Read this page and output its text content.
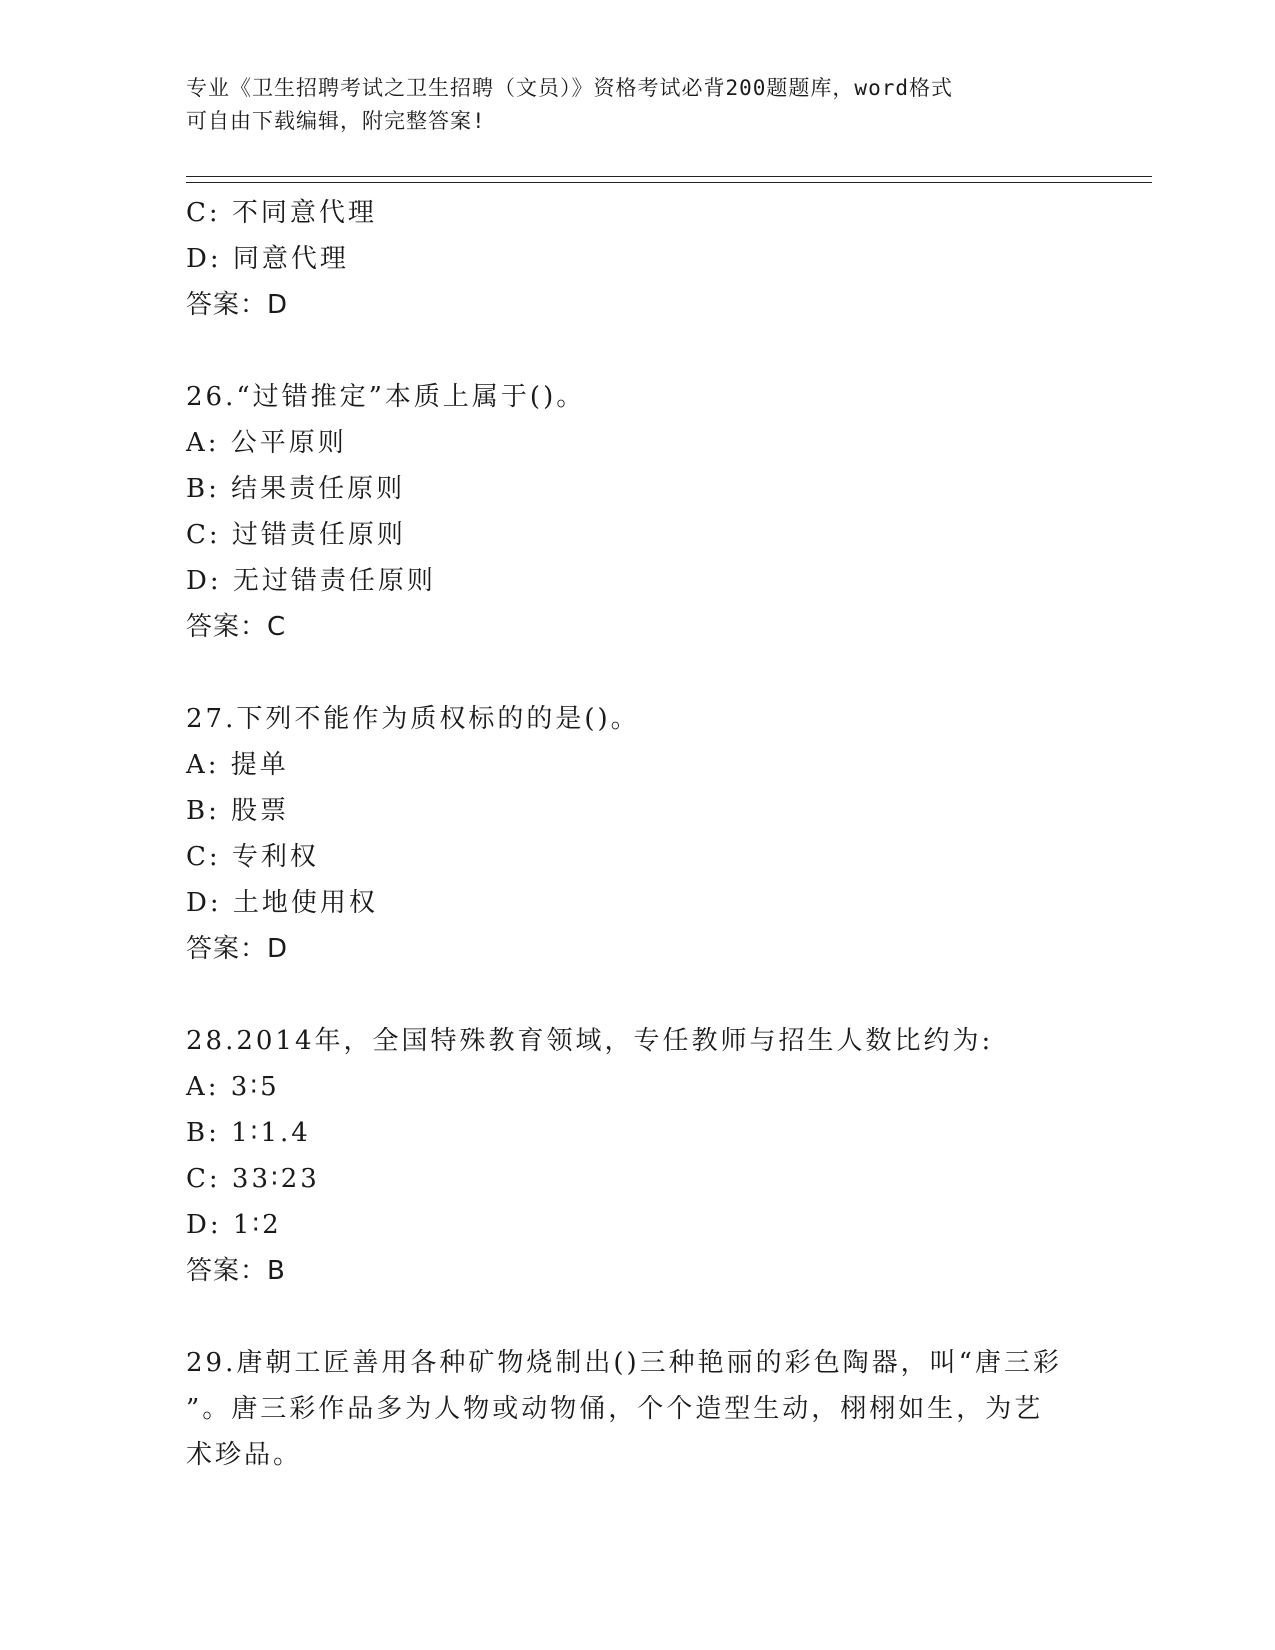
专业《卫生招聘考试之卫生招聘（文员）》资格考试必背200题题库，word格式
可自由下载编辑，附完整答案!
C: 不同意代理
D: 同意代理
答案：D
26.“过错推定”本质上属于()。
A: 公平原则
B: 结果责任原则
C: 过错责任原则
D: 无过错责任原则
答案：C
27.下列不能作为质权标的的是()。
A: 提单
B: 股票
C: 专利权
D: 土地使用权
答案：D
28.2014年，全国特殊教育领域，专任教师与招生人数比约为:
A: 3∶5
B: 1∶1.4
C: 33∶23
D: 1∶2
答案：B
29.唐朝工匠善用各种矿物烧制出()三种艳丽的彩色陶器，叫“唐三彩
”。唐三彩作品多为人物或动物俑，个个造型生动，栩栩如生，为艺
术珍品。
